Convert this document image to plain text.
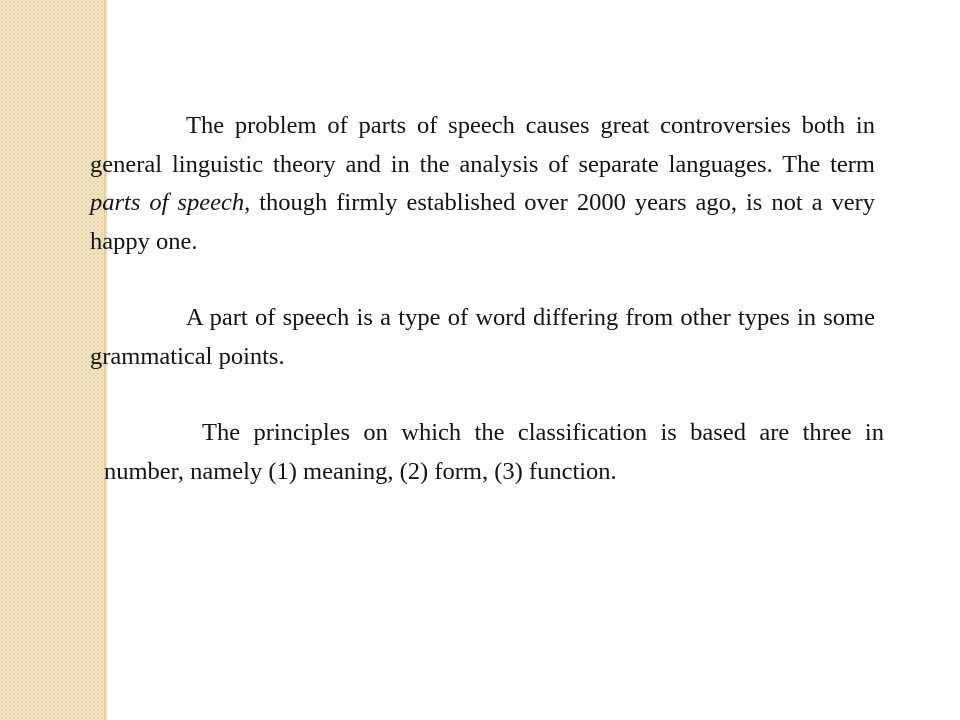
The problem of parts of speech causes great controversies both in general linguistic theory and in the analysis of separate languages. The term parts of speech, though firmly established over 2000 years ago, is not a very happy one.

A part of speech is a type of word differing from other types in some grammatical points.

The principles on which the classification is based are three in number, namely (1) meaning, (2) form, (3) function.
